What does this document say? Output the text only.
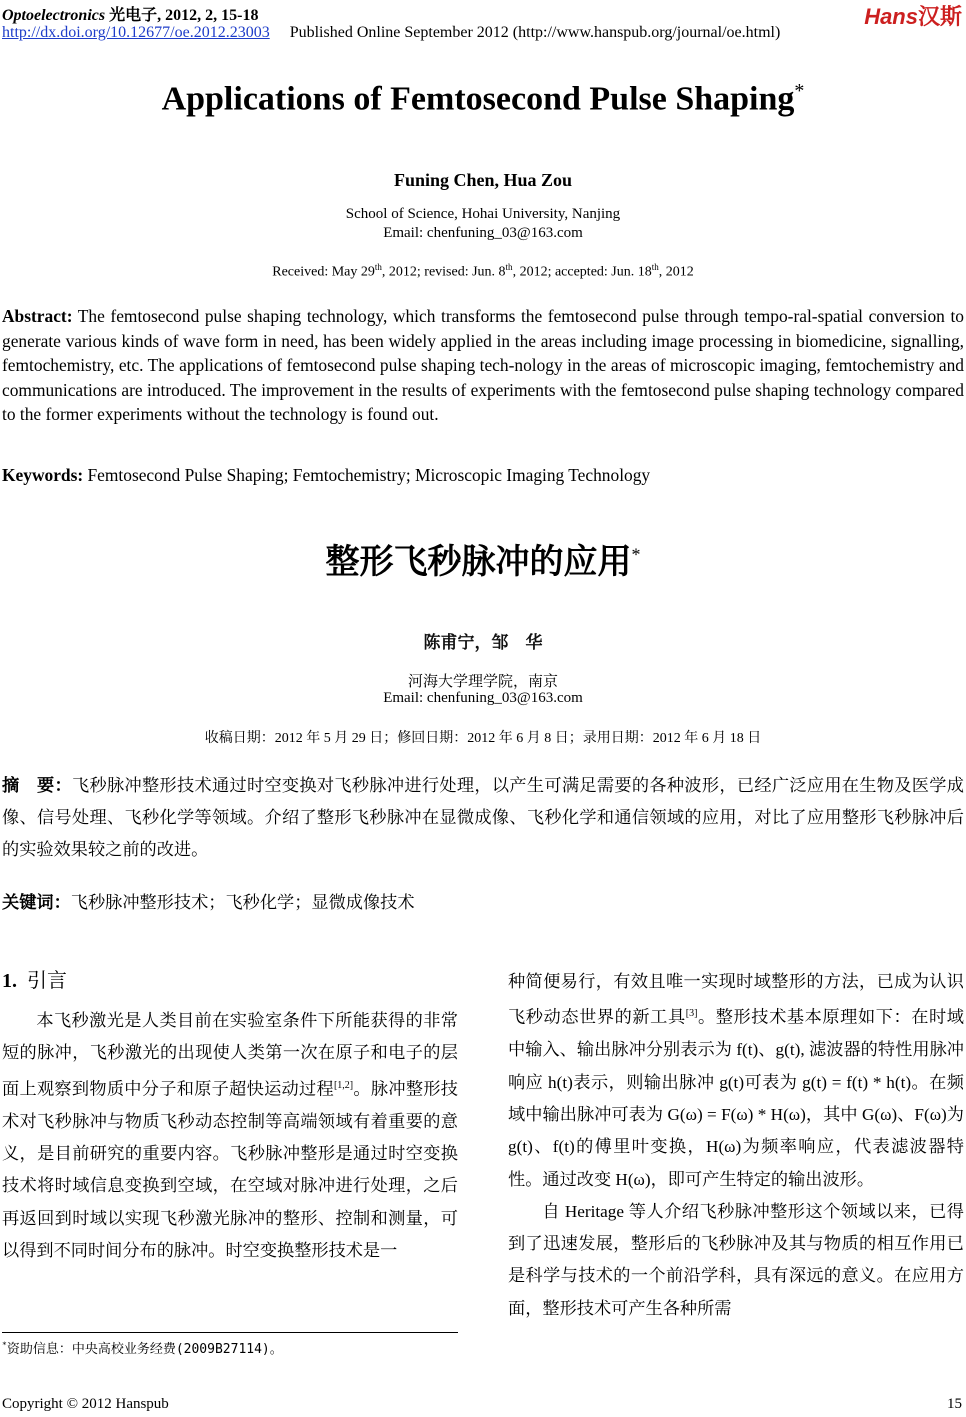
Optoelectronics 光电子, 2012, 2, 15-18	Hans汉斯
http://dx.doi.org/10.12677/oe.2012.23003 Published Online September 2012 (http://www.hanspub.org/journal/oe.html)
Applications of Femtosecond Pulse Shaping*
Funing Chen, Hua Zou
School of Science, Hohai University, Nanjing
Email: chenfuning_03@163.com
Received: May 29th, 2012; revised: Jun. 8th, 2012; accepted: Jun. 18th, 2012
Abstract: The femtosecond pulse shaping technology, which transforms the femtosecond pulse through tempo-ral-spatial conversion to generate various kinds of wave form in need, has been widely applied in the areas including image processing in biomedicine, signalling, femtochemistry, etc. The applications of femtosecond pulse shaping tech-nology in the areas of microscopic imaging, femtochemistry and communications are introduced. The improvement in the results of experiments with the femtosecond pulse shaping technology compared to the former experiments without the technology is found out.
Keywords: Femtosecond Pulse Shaping; Femtochemistry; Microscopic Imaging Technology
整形飞秒脉冲的应用*
陈甫宁，邹　华
河海大学理学院，南京
Email: chenfuning_03@163.com
收稿日期：2012 年 5 月 29 日；修回日期：2012 年 6 月 8 日；录用日期：2012 年 6 月 18 日
摘　要：飞秒脉冲整形技术通过时空变换对飞秒脉冲进行处理，以产生可满足需要的各种波形，已经广泛应用在生物及医学成像、信号处理、飞秒化学等领域。介绍了整形飞秒脉冲在显微成像、飞秒化学和通信领域的应用，对比了应用整形飞秒脉冲后的实验效果较之前的改进。
关键词：飞秒脉冲整形技术；飞秒化学；显微成像技术
1. 引言

本飞秒激光是人类目前在实验室条件下所能获得的非常短的脉冲，飞秒激光的出现使人类第一次在原子和电子的层面上观察到物质中分子和原子超快运动过程[1,2]。脉冲整形技术对飞秒脉冲与物质飞秒动态控制等高端领域有着重要的意义，是目前研究的重要内容。飞秒脉冲整形是通过时空变换技术将时域信息变换到空域，在空域对脉冲进行处理，之后再返回到时域以实现飞秒激光脉冲的整形、控制和测量，可以得到不同时间分布的脉冲。时空变换整形技术是一

种简便易行，有效且唯一实现时域整形的方法，已成为认识飞秒动态世界的新工具[3]。整形技术基本原理如下：在时域中输入、输出脉冲分别表示为 f(t)、g(t), 滤波器的特性用脉冲响应 h(t)表示，则输出脉冲 g(t)可表为 g(t) = f(t) * h(t)。在频域中输出脉冲可表为 G(ω) = F(ω) * H(ω)，其中 G(ω)、F(ω)为 g(t)、f(t)的傅里叶变换，H(ω)为频率响应，代表滤波器特性。通过改变 H(ω)，即可产生特定的输出波形。

自 Heritage 等人介绍飞秒脉冲整形这个领域以来，已得到了迅速发展，整形后的飞秒脉冲及其与物质的相互作用已是科学与技术的一个前沿学科，具有深远的意义。在应用方面，整形技术可产生各种所需

*资助信息：中央高校业务经费(2009B27114)。
Copyright © 2012 Hanspub	15
